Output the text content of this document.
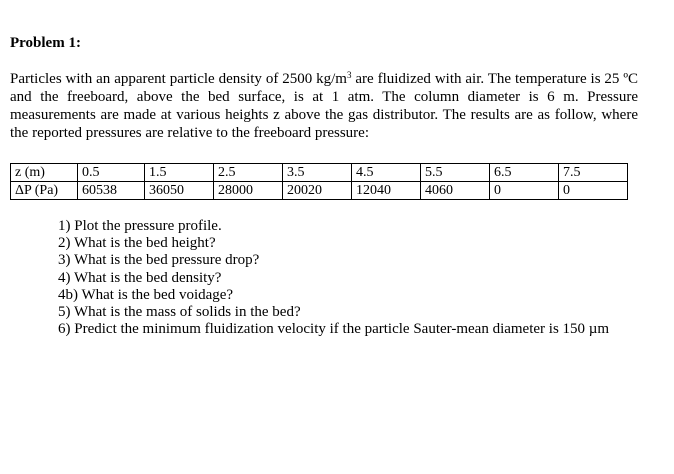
Problem 1:

Particles with an apparent particle density of 2500 $kg/m^3$ are fluidized with air. The temperature is 25 ºC and the freeboard, above the bed surface, is at 1 atm. The column diameter is 6 m. Pressure measurements are made at various heights z above the gas distributor. The results are as follow, where the reported pressures are relative to the freeboard pressure:

z (m)	0.5	1.5	2.5	3.5	4.5	5.5	6.5	7.5
ΔP (Pa)	60538	36050	28000	20020	12040	4060	0	0

1) Plot the pressure profile.

2) What is the bed height?

3) What is the bed pressure drop?

4) What is the bed density?

4b) What is the bed voidage?

5) What is the mass of solids in the bed?

6) Predict the minimum fluidization velocity if the particle Sauter-mean diameter is 150 µm
